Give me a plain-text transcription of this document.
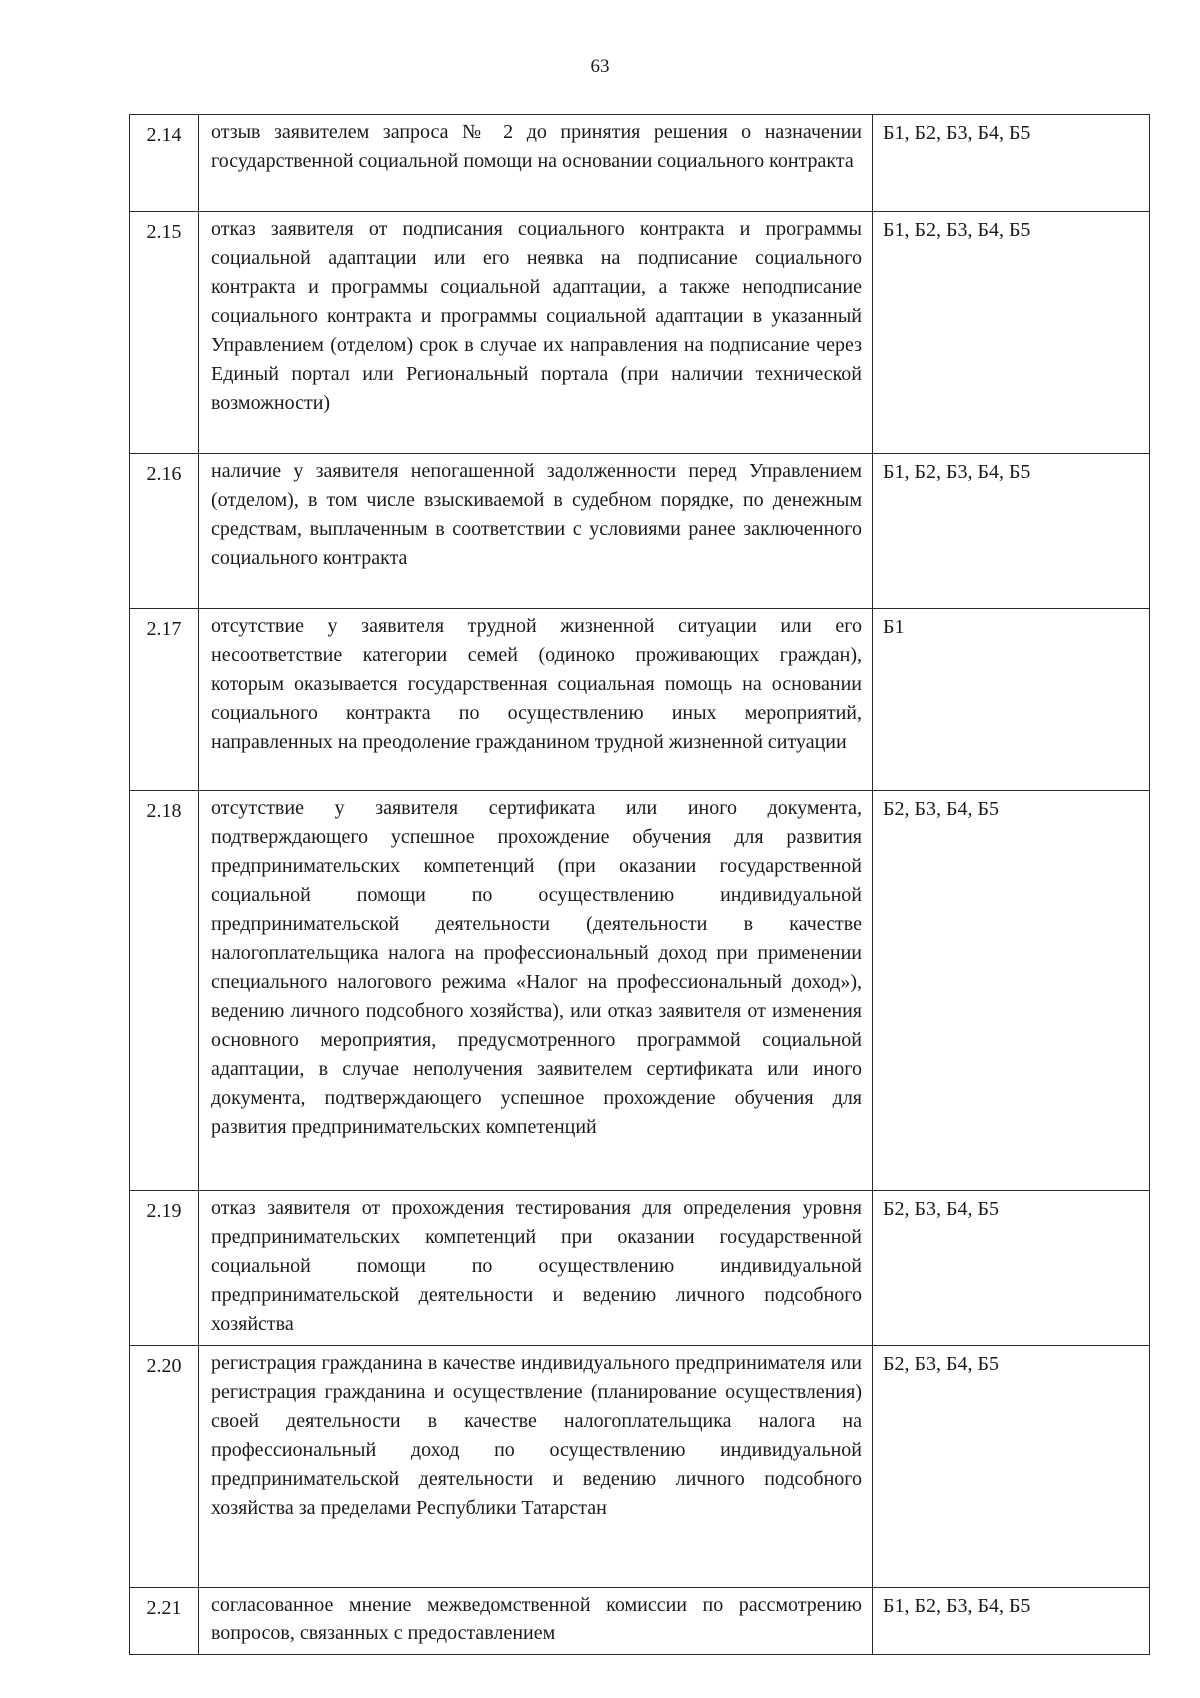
63
2.14	отзыв заявителем запроса № 2 до принятия решения о назначении государственной социальной помощи на основании социального контракта	Б1, Б2, Б3, Б4, Б5
2.15	отказ заявителя от подписания социального контракта и программы социальной адаптации или его неявка на подписание социального контракта и программы социальной адаптации, а также неподписание социального контракта и программы социальной адаптации в указанный Управлением (отделом) срок в случае их направления на подписание через Единый портал или Региональный портала (при наличии технической возможности)	Б1, Б2, Б3, Б4, Б5
2.16	наличие у заявителя непогашенной задолженности перед Управлением (отделом), в том числе взыскиваемой в судебном порядке, по денежным средствам, выплаченным в соответствии с условиями ранее заключенного социального контракта	Б1, Б2, Б3, Б4, Б5
2.17	отсутствие у заявителя трудной жизненной ситуации или его несоответствие категории семей (одиноко проживающих граждан), которым оказывается государственная социальная помощь на основании социального контракта по осуществлению иных мероприятий, направленных на преодоление гражданином трудной жизненной ситуации	Б1
2.18	отсутствие у заявителя сертификата или иного документа, подтверждающего успешное прохождение обучения для развития предпринимательских компетенций (при оказании государственной социальной помощи по осуществлению индивидуальной предпринимательской деятельности (деятельности в качестве налогоплательщика налога на профессиональный доход при применении специального налогового режима «Налог на профессиональный доход»), ведению личного подсобного хозяйства), или отказ заявителя от изменения основного мероприятия, предусмотренного программой социальной адаптации, в случае неполучения заявителем сертификата или иного документа, подтверждающего успешное прохождение обучения для развития предпринимательских компетенций	Б2, Б3, Б4, Б5
2.19	отказ заявителя от прохождения тестирования для определения уровня предпринимательских компетенций при оказании государственной социальной помощи по осуществлению индивидуальной предпринимательской деятельности и ведению личного подсобного хозяйства	Б2, Б3, Б4, Б5
2.20	регистрация гражданина в качестве индивидуального предпринимателя или регистрация гражданина и осуществление (планирование осуществления) своей деятельности в качестве налогоплательщика налога на профессиональный доход по осуществлению индивидуальной предпринимательской деятельности и ведению личного подсобного хозяйства за пределами Республики Татарстан	Б2, Б3, Б4, Б5
2.21	согласованное мнение межведомственной комиссии по рассмотрению вопросов, связанных с предоставлением	Б1, Б2, Б3, Б4, Б5
